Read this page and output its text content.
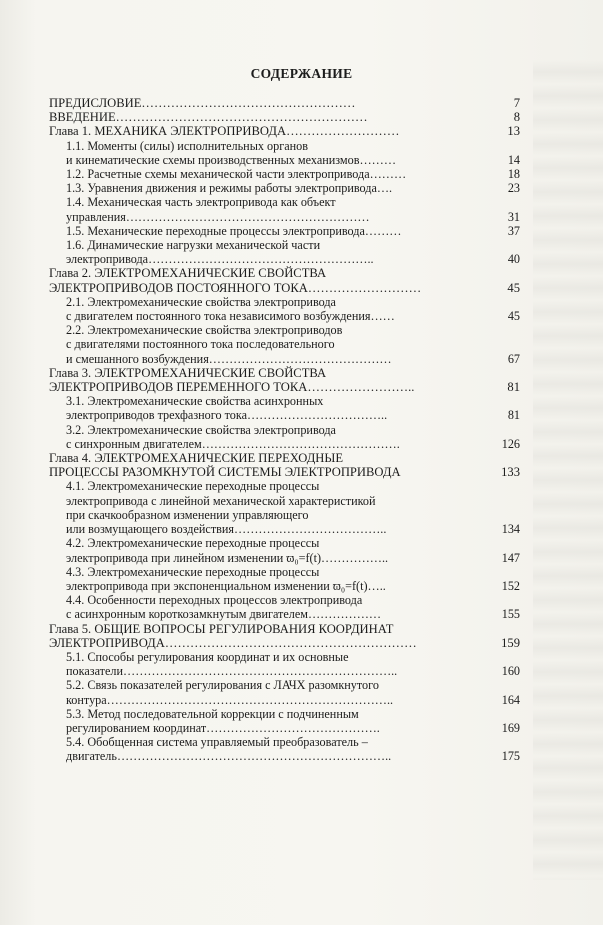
СОДЕРЖАНИЕ
ПРЕДИСЛОВИЕ……………………………………………	7
ВВЕДЕНИЕ……………………………………………………	8
Глава 1. МЕХАНИКА ЭЛЕКТРОПРИВОДА………………………	13
1.1. Моменты (силы) исполнительных органов
и кинематические схемы производственных механизмов………	14
1.2. Расчетные схемы механической части электропривода………	18
1.3. Уравнения движения и режимы работы электропривода….	23
1.4. Механическая часть электропривода как объект
управления……………………………………………………	31
1.5. Механические переходные процессы электропривода………	37
1.6. Динамические нагрузки механической части
электропривода………………………………………………..	40
Глава 2. ЭЛЕКТРОМЕХАНИЧЕСКИЕ СВОЙСТВА
ЭЛЕКТРОПРИВОДОВ ПОСТОЯННОГО ТОКА………………………	45
2.1. Электромеханические свойства электропривода
с двигателем постоянного тока независимого возбуждения……	45
2.2. Электромеханические свойства электроприводов
с двигателями постоянного тока последовательного
и смешанного возбуждения………………………………………	67
Глава 3. ЭЛЕКТРОМЕХАНИЧЕСКИЕ СВОЙСТВА
ЭЛЕКТРОПРИВОДОВ ПЕРЕМЕННОГО ТОКА……………………..	81
3.1. Электромеханические свойства асинхронных
электроприводов трехфазного тока……………………………..	81
3.2. Электромеханические свойства электропривода
с синхронным двигателем………………………………………….	126
Глава 4. ЭЛЕКТРОМЕХАНИЧЕСКИЕ ПЕРЕХОДНЫЕ
ПРОЦЕССЫ РАЗОМКНУТОЙ СИСТЕМЫ ЭЛЕКТРОПРИВОДА	133
4.1. Электромеханические переходные процессы
электропривода с линейной механической характеристикой
при скачкообразном изменении управляющего
или возмущающего воздействия………………………………..	134
4.2. Электромеханические переходные процессы
электропривода при линейном изменении ϖ₀=f(t)……………..	147
4.3. Электромеханические переходные процессы
электропривода при экспоненциальном изменении ϖ₀=f(t)…..	152
4.4. Особенности переходных процессов электропривода
с асинхронным короткозамкнутым двигателем………………	155
Глава 5. ОБЩИЕ ВОПРОСЫ РЕГУЛИРОВАНИЯ КООРДИНАТ
ЭЛЕКТРОПРИВОДА……………………………………………………	159
5.1. Способы регулирования координат и их основные
показатели…………………………………………………………..	160
5.2. Связь показателей регулирования с ЛАЧХ разомкнутого
контура……………………………………………………………..	164
5.3. Метод последовательной коррекции с подчиненным
регулированием координат…………………………………….	169
5.4. Обобщенная система управляемый преобразователь –
двигатель…………………………………………………………..	175
